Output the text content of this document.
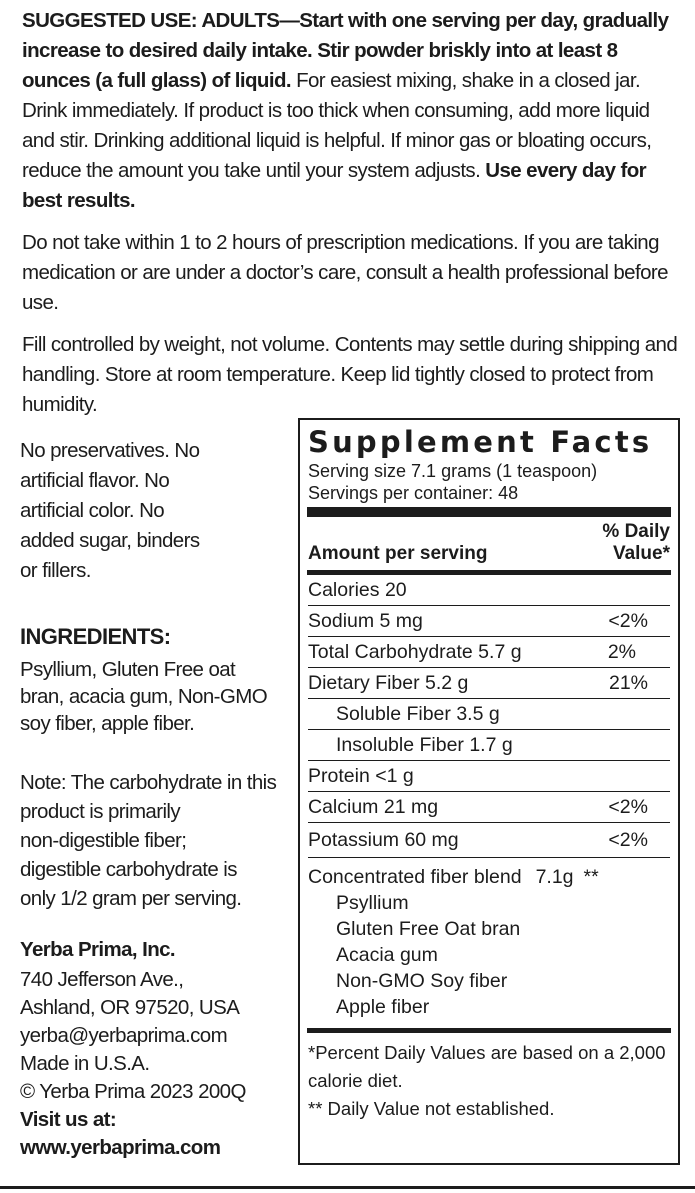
SUGGESTED USE: ADULTS—Start with one serving per day, gradually increase to desired daily intake. Stir powder briskly into at least 8 ounces (a full glass) of liquid. For easiest mixing, shake in a closed jar. Drink immediately. If product is too thick when consuming, add more liquid and stir. Drinking additional liquid is helpful. If minor gas or bloating occurs, reduce the amount you take until your system adjusts. Use every day for best results.

Do not take within 1 to 2 hours of prescription medications. If you are taking medication or are under a doctor’s care, consult a health professional before use.

Fill controlled by weight, not volume. Contents may settle during shipping and handling. Store at room temperature. Keep lid tightly closed to protect from humidity.

No preservatives. No
artificial flavor. No
artificial color. No
added sugar, binders
or fillers.

INGREDIENTS:

Psyllium, Gluten Free oat
bran, acacia gum, Non-GMO
soy fiber, apple fiber.

Note: The carbohydrate in this
product is primarily
non-digestible fiber;
digestible carbohydrate is
only 1/2 gram per serving.

Yerba Prima, Inc.

740 Jefferson Ave.,
Ashland, OR 97520, USA
yerba@yerbaprima.com
Made in U.S.A.
© Yerba Prima 2023 200Q

Visit us at:

www.yerbaprima.com

Supplement Facts
Serving size 7.1 grams (1 teaspoon)
Servings per container: 48
Amount per serving
% Daily
Value*
Calories 20
Sodium 5 mg	<2%
Total Carbohydrate 5.7 g	2%
Dietary Fiber 5.2 g	21%
Soluble Fiber 3.5 g
Insoluble Fiber 1.7 g
Protein <1 g
Calcium 21 mg	<2%
Potassium 60 mg	<2%
Concentrated fiber blend 7.1g **
Psyllium
Gluten Free Oat bran
Acacia gum
Non-GMO Soy fiber
Apple fiber
*Percent Daily Values are based on a 2,000 calorie diet.
** Daily Value not established.
